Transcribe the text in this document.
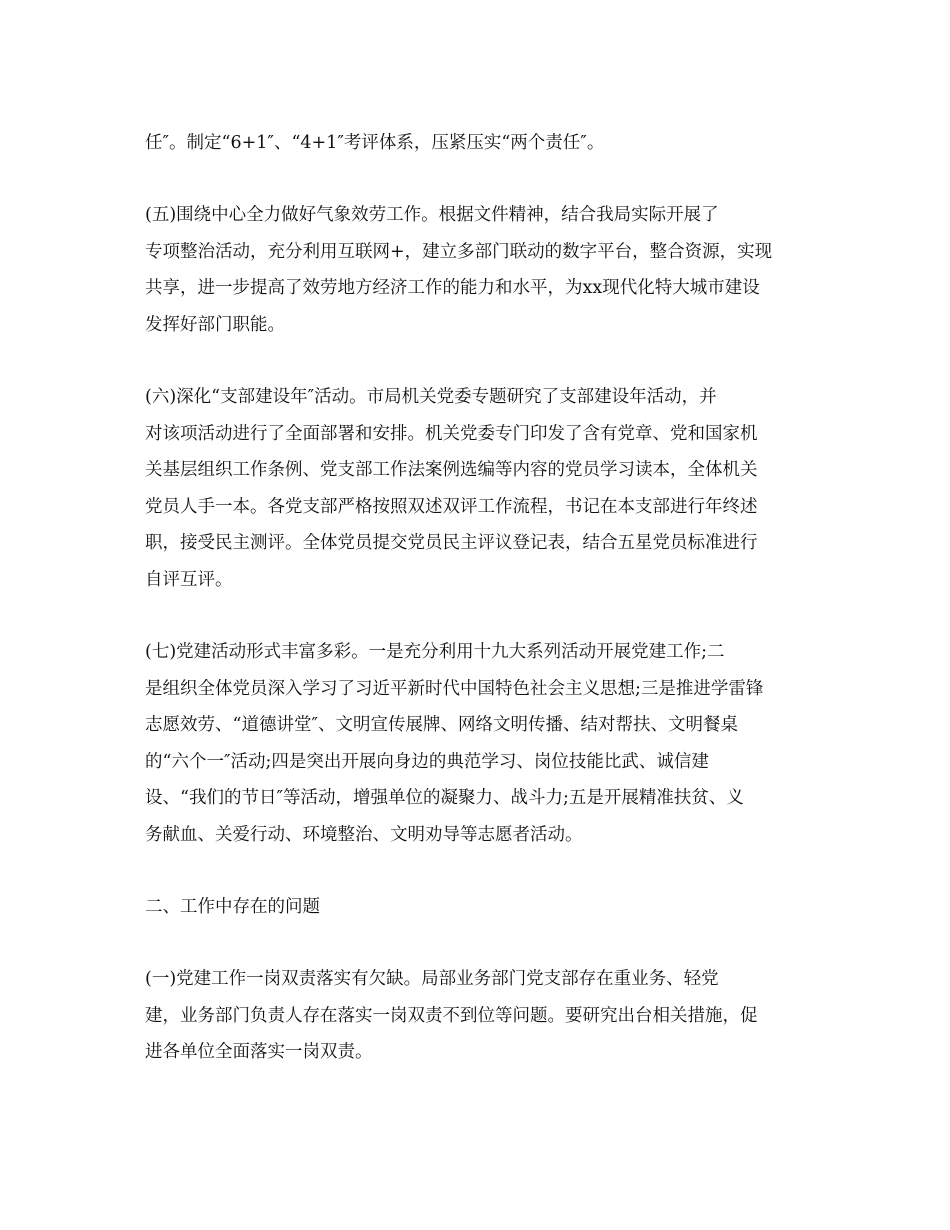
任″。制定“6+1″、“4+1″考评体系，压紧压实“两个责任″。

(五)围绕中心全力做好气象效劳工作。根据文件精神，结合我局实际开展了
专项整治活动，充分利用互联网+，建立多部门联动的数字平台，整合资源，实现
共享，进一步提高了效劳地方经济工作的能力和水平，为xx现代化特大城市建设
发挥好部门职能。

(六)深化“支部建设年″活动。市局机关党委专题研究了支部建设年活动，并
对该项活动进行了全面部署和安排。机关党委专门印发了含有党章、党和国家机
关基层组织工作条例、党支部工作法案例选编等内容的党员学习读本，全体机关
党员人手一本。各党支部严格按照双述双评工作流程，书记在本支部进行年终述
职，接受民主测评。全体党员提交党员民主评议登记表，结合五星党员标准进行
自评互评。

(七)党建活动形式丰富多彩。一是充分利用十九大系列活动开展党建工作;二
是组织全体党员深入学习了习近平新时代中国特色社会主义思想;三是推进学雷锋
志愿效劳、“道德讲堂″、文明宣传展牌、网络文明传播、结对帮扶、文明餐桌
的“六个一″活动;四是突出开展向身边的典范学习、岗位技能比武、诚信建
设、“我们的节日″等活动，增强单位的凝聚力、战斗力;五是开展精准扶贫、义
务献血、关爱行动、环境整治、文明劝导等志愿者活动。

二、工作中存在的问题

(一)党建工作一岗双责落实有欠缺。局部业务部门党支部存在重业务、轻党
建，业务部门负责人存在落实一岗双责不到位等问题。要研究出台相关措施，促
进各单位全面落实一岗双责。
